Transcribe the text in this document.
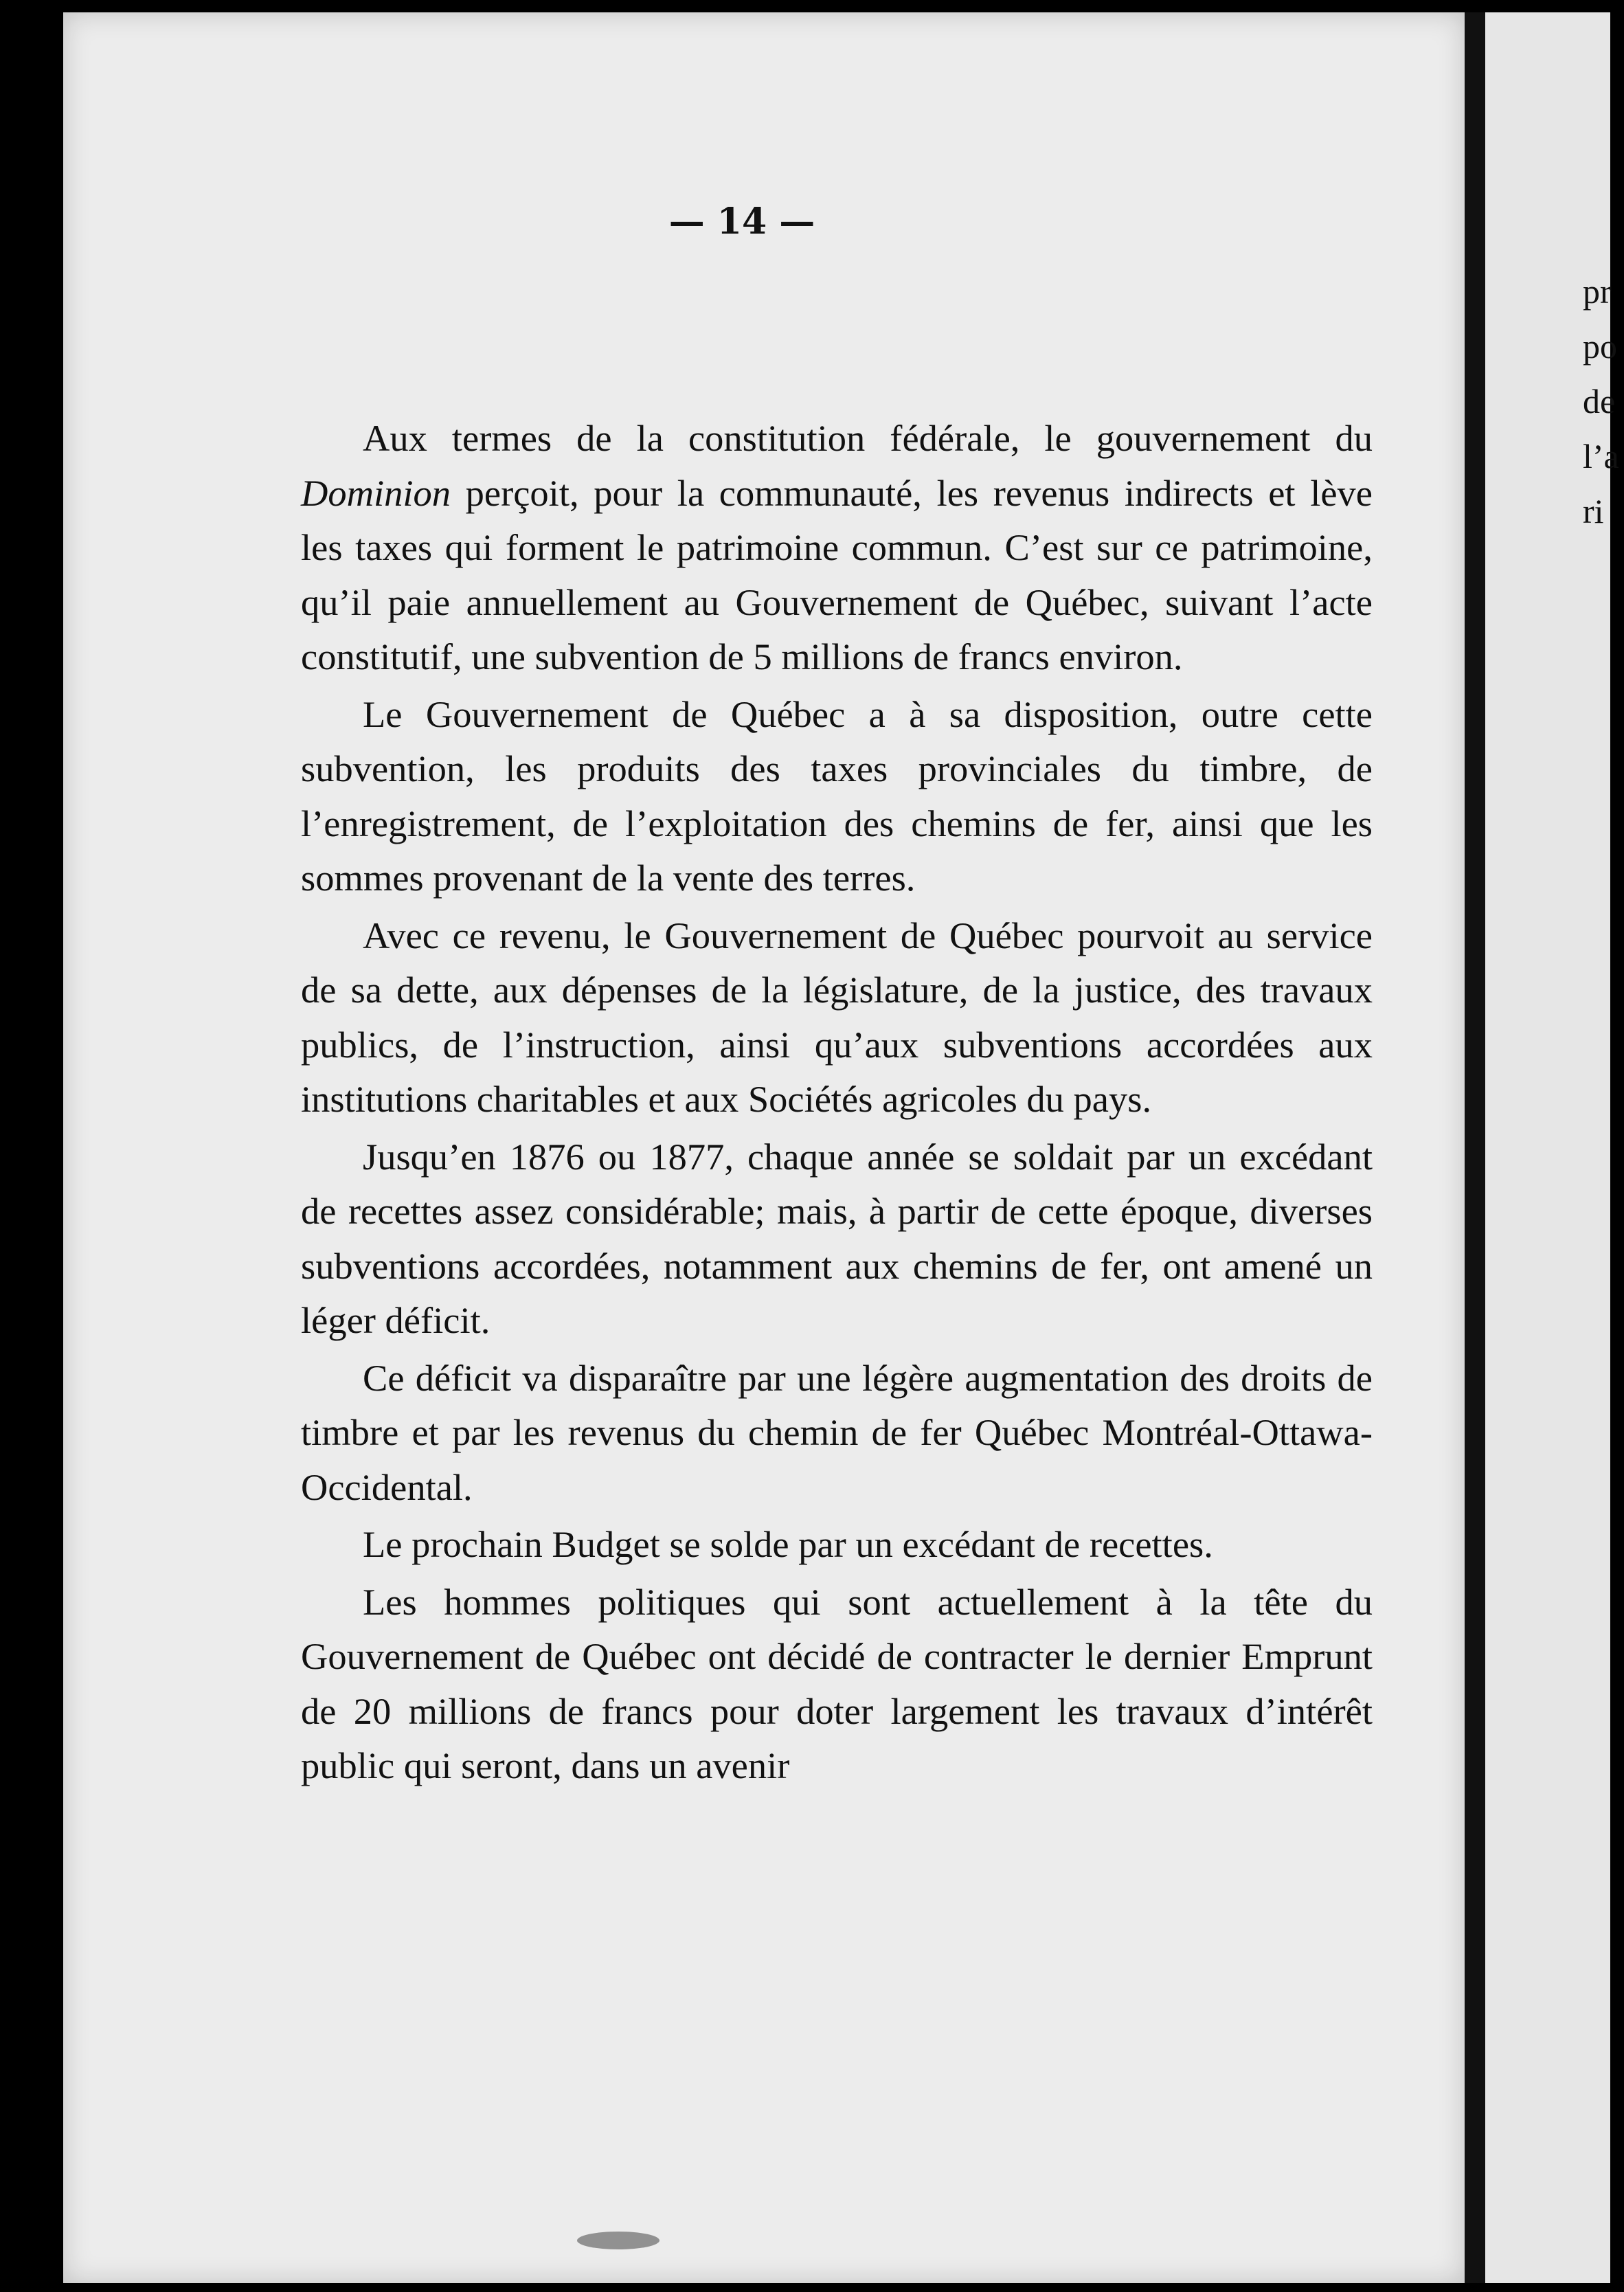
— 14 —

Aux termes de la constitution fédérale, le gouvernement du Dominion perçoit, pour la communauté, les revenus indirects et lève les taxes qui forment le patrimoine commun. C’est sur ce patrimoine, qu’il paie annuellement au Gouvernement de Québec, suivant l’acte constitutif, une subvention de 5 millions de francs environ.

Le Gouvernement de Québec a à sa disposition, outre cette subvention, les produits des taxes provinciales du timbre, de l’enregistrement, de l’exploitation des chemins de fer, ainsi que les sommes provenant de la vente des terres.

Avec ce revenu, le Gouvernement de Québec pourvoit au service de sa dette, aux dépenses de la législature, de la justice, des travaux publics, de l’instruction, ainsi qu’aux subventions accordées aux institutions charitables et aux Sociétés agricoles du pays.

Jusqu’en 1876 ou 1877, chaque année se soldait par un excédant de recettes assez considérable; mais, à partir de cette époque, diverses subventions accordées, notamment aux chemins de fer, ont amené un léger déficit.

Ce déficit va disparaître par une légère augmentation des droits de timbre et par les revenus du chemin de fer Québec Montréal-Ottawa-Occidental.

Le prochain Budget se solde par un excédant de recettes.

Les hommes politiques qui sont actuellement à la tête du Gouvernement de Québec ont décidé de contracter le dernier Emprunt de 20 millions de francs pour doter largement les travaux d’intérêt public qui seront, dans un avenir

pr
po
de
l’a
ri
